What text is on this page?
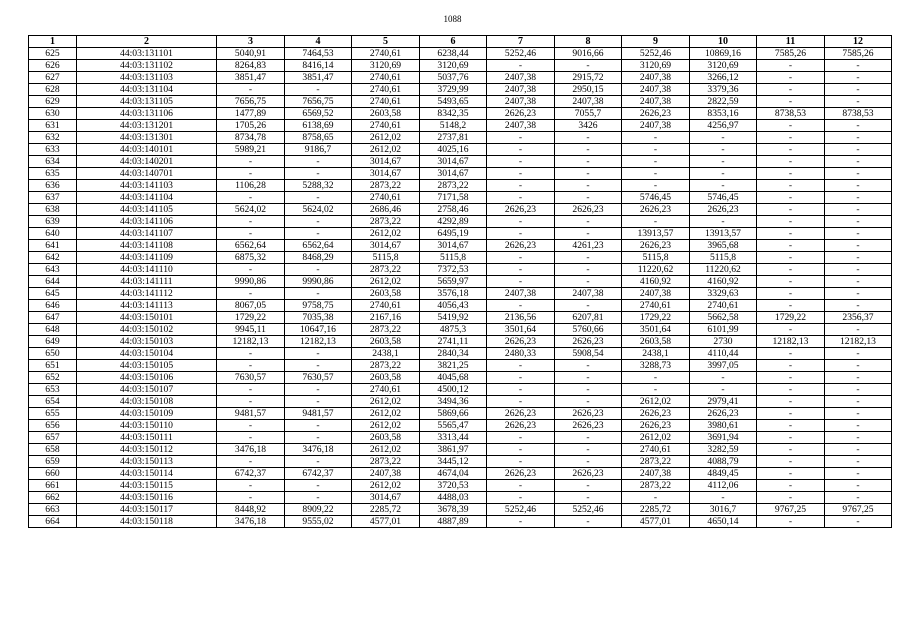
1088
1	2	3	4	5	6	7	8	9	10	11	12
625	44:03:131101	5040,91	7464,53	2740,61	6238,44	5252,46	9016,66	5252,46	10869,16	7585,26	7585,26
626	44:03:131102	8264,83	8416,14	3120,69	3120,69	-	-	3120,69	3120,69	-	-
627	44:03:131103	3851,47	3851,47	2740,61	5037,76	2407,38	2915,72	2407,38	3266,12	-	-
628	44:03:131104	-	-	2740,61	3729,99	2407,38	2950,15	2407,38	3379,36	-	-
629	44:03:131105	7656,75	7656,75	2740,61	5493,65	2407,38	2407,38	2407,38	2822,59	-	-
630	44:03:131106	1477,89	6569,52	2603,58	8342,35	2626,23	7055,7	2626,23	8353,16	8738,53	8738,53
631	44:03:131201	1705,26	6138,69	2740,61	5148,2	2407,38	3426	2407,38	4256,97	-	-
632	44:03:131301	8734,78	8758,65	2612,02	2737,81	-	-	-	-	-	-
633	44:03:140101	5989,21	9186,7	2612,02	4025,16	-	-	-	-	-	-
634	44:03:140201	-	-	3014,67	3014,67	-	-	-	-	-	-
635	44:03:140701	-	-	3014,67	3014,67	-	-	-	-	-	-
636	44:03:141103	1106,28	5288,32	2873,22	2873,22	-	-	-	-	-	-
637	44:03:141104	-	-	2740,61	7171,58	-	-	5746,45	5746,45	-	-
638	44:03:141105	5624,02	5624,02	2686,46	2758,46	2626,23	2626,23	2626,23	2626,23	-	-
639	44:03:141106	-	-	2873,22	4292,89	-	-	-	-	-	-
640	44:03:141107	-	-	2612,02	6495,19	-	-	13913,57	13913,57	-	-
641	44:03:141108	6562,64	6562,64	3014,67	3014,67	2626,23	4261,23	2626,23	3965,68	-	-
642	44:03:141109	6875,32	8468,29	5115,8	5115,8	-	-	5115,8	5115,8	-	-
643	44:03:141110	-	-	2873,22	7372,53	-	-	11220,62	11220,62	-	-
644	44:03:141111	9990,86	9990,86	2612,02	5659,97	-	-	4160,92	4160,92	-	-
645	44:03:141112	-	-	2603,58	3576,18	2407,38	2407,38	2407,38	3329,63	-	-
646	44:03:141113	8067,05	9758,75	2740,61	4056,43	-	-	2740,61	2740,61	-	-
647	44:03:150101	1729,22	7035,38	2167,16	5419,92	2136,56	6207,81	1729,22	5662,58	1729,22	2356,37
648	44:03:150102	9945,11	10647,16	2873,22	4875,3	3501,64	5760,66	3501,64	6101,99	-	-
649	44:03:150103	12182,13	12182,13	2603,58	2741,11	2626,23	2626,23	2603,58	2730	12182,13	12182,13
650	44:03:150104	-	-	2438,1	2840,34	2480,33	5908,54	2438,1	4110,44	-	-
651	44:03:150105	-	-	2873,22	3821,25	-	-	3288,73	3997,05	-	-
652	44:03:150106	7630,57	7630,57	2603,58	4045,68	-	-	-	-	-	-
653	44:03:150107	-	-	2740,61	4500,12	-	-	-	-	-	-
654	44:03:150108	-	-	2612,02	3494,36	-	-	2612,02	2979,41	-	-
655	44:03:150109	9481,57	9481,57	2612,02	5869,66	2626,23	2626,23	2626,23	2626,23	-	-
656	44:03:150110	-	-	2612,02	5565,47	2626,23	2626,23	2626,23	3980,61	-	-
657	44:03:150111	-	-	2603,58	3313,44	-	-	2612,02	3691,94	-	-
658	44:03:150112	3476,18	3476,18	2612,02	3861,97	-	-	2740,61	3282,59	-	-
659	44:03:150113	-	-	2873,22	3445,12	-	-	2873,22	4088,79	-	-
660	44:03:150114	6742,37	6742,37	2407,38	4674,04	2626,23	2626,23	2407,38	4849,45	-	-
661	44:03:150115	-	-	2612,02	3720,53	-	-	2873,22	4112,06	-	-
662	44:03:150116	-	-	3014,67	4488,03	-	-	-	-	-	-
663	44:03:150117	8448,92	8909,22	2285,72	3678,39	5252,46	5252,46	2285,72	3016,7	9767,25	9767,25
664	44:03:150118	3476,18	9555,02	4577,01	4887,89	-	-	4577,01	4650,14	-	-
